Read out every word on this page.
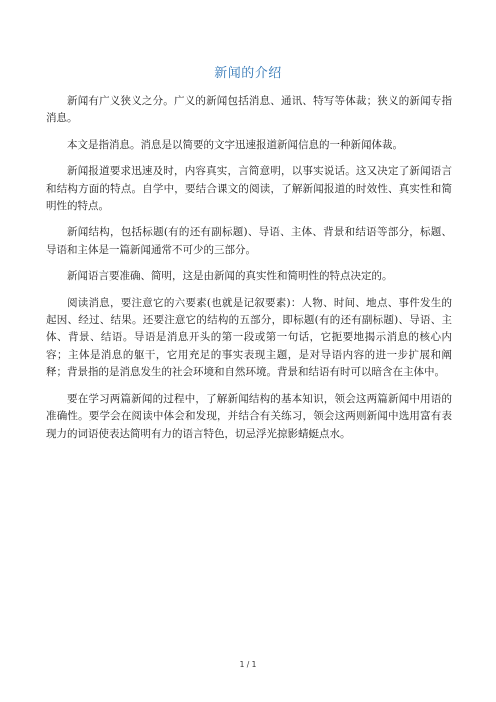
新闻的介绍

新闻有广义狭义之分。广义的新闻包括消息、通讯、特写等体裁；狭义的新闻专指消息。

本文是指消息。消息是以简要的文字迅速报道新闻信息的一种新闻体裁。

新闻报道要求迅速及时，内容真实，言简意明，以事实说话。这又决定了新闻语言和结构方面的特点。自学中，要结合课文的阅读，了解新闻报道的时效性、真实性和简明性的特点。

新闻结构，包括标题(有的还有副标题)、导语、主体、背景和结语等部分，标题、导语和主体是一篇新闻通常不可少的三部分。

新闻语言要准确、简明，这是由新闻的真实性和简明性的特点决定的。

阅读消息，要注意它的六要素(也就是记叙要素)：人物、时间、地点、事件发生的起因、经过、结果。还要注意它的结构的五部分，即标题(有的还有副标题)、导语、主体、背景、结语。导语是消息开头的第一段或第一句话，它扼要地揭示消息的核心内容；主体是消息的躯干，它用充足的事实表现主题，是对导语内容的进一步扩展和阐释；背景指的是消息发生的社会环境和自然环境。背景和结语有时可以暗含在主体中。

要在学习两篇新闻的过程中，了解新闻结构的基本知识，领会这两篇新闻中用语的准确性。要学会在阅读中体会和发现，并结合有关练习，领会这两则新闻中选用富有表现力的词语使表达简明有力的语言特色，切忌浮光掠影蜻蜓点水。

1 / 1
